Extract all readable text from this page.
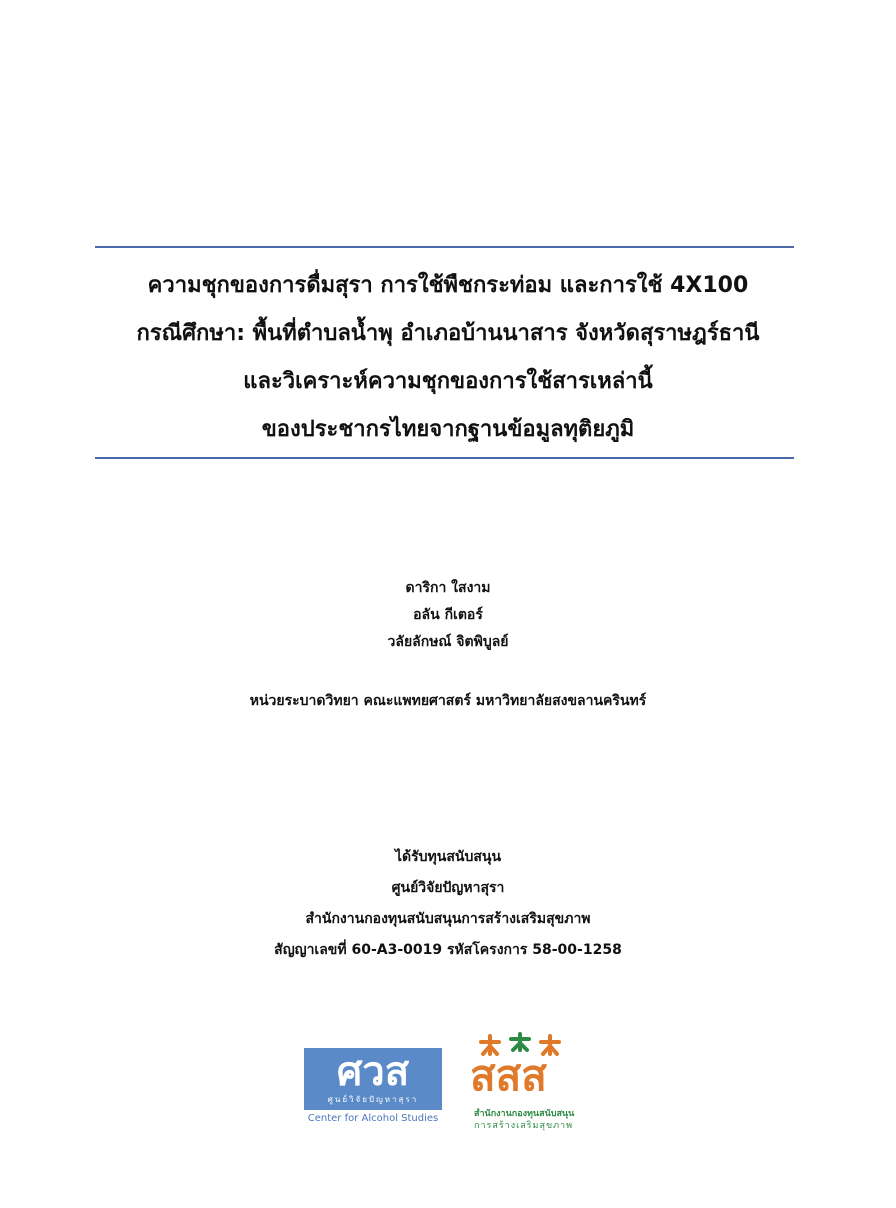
ความชุกของการดื่มสุรา การใช้พืชกระท่อม และการใช้ 4X100
กรณีศึกษา: พื้นที่ตำบลน้ำพุ อำเภอบ้านนาสาร จังหวัดสุราษฎร์ธานี
และวิเคราะห์ความชุกของการใช้สารเหล่านี้
ของประชากรไทยจากฐานข้อมูลทุติยภูมิ
ดาริกา ใสงาม
อลัน กีเตอร์
วลัยลักษณ์ จิตพิบูลย์
หน่วยระบาดวิทยา คณะแพทยศาสตร์ มหาวิทยาลัยสงขลานครินทร์
ได้รับทุนสนับสนุน
ศูนย์วิจัยปัญหาสุรา
สำนักงานกองทุนสนับสนุนการสร้างเสริมสุขภาพ
สัญญาเลขที่ 60-A3-0019 รหัสโครงการ 58-00-1258
ศวส
ศูนย์วิจัยปัญหาสุรา
Center for Alcohol Studies
สสส
สำนักงานกองทุนสนับสนุน
การสร้างเสริมสุขภาพ
